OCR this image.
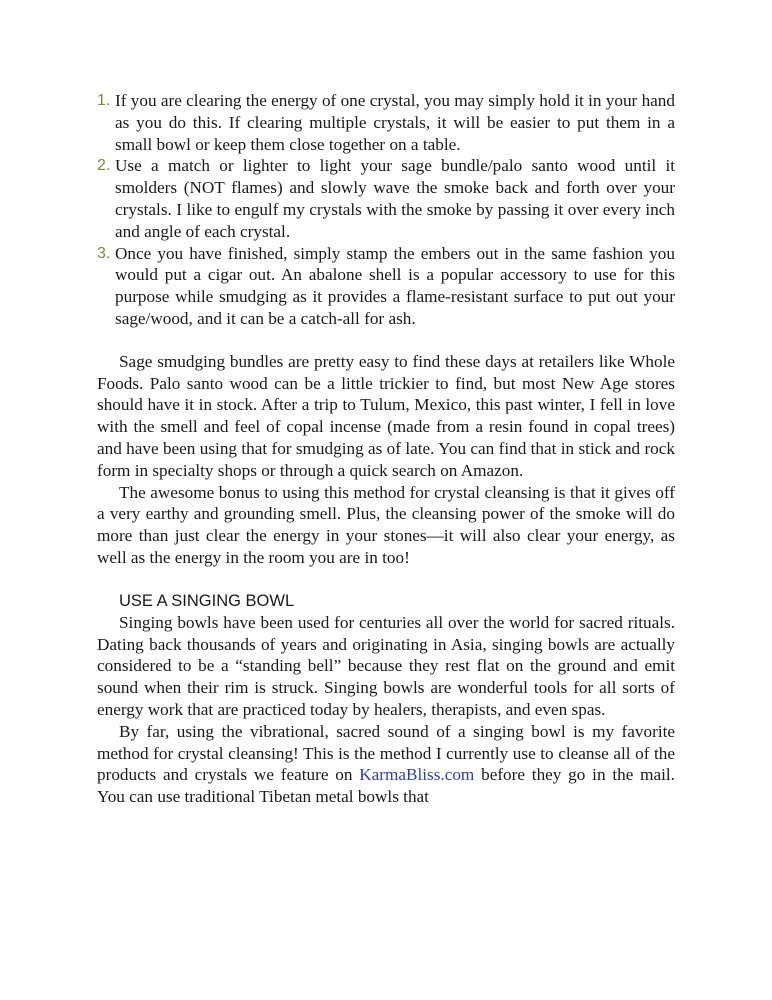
1. If you are clearing the energy of one crystal, you may simply hold it in your hand as you do this. If clearing multiple crystals, it will be easier to put them in a small bowl or keep them close together on a table.
2. Use a match or lighter to light your sage bundle/palo santo wood until it smolders (NOT flames) and slowly wave the smoke back and forth over your crystals. I like to engulf my crystals with the smoke by passing it over every inch and angle of each crystal.
3. Once you have finished, simply stamp the embers out in the same fashion you would put a cigar out. An abalone shell is a popular accessory to use for this purpose while smudging as it provides a flame-resistant surface to put out your sage/wood, and it can be a catch-all for ash.

Sage smudging bundles are pretty easy to find these days at retailers like Whole Foods. Palo santo wood can be a little trickier to find, but most New Age stores should have it in stock. After a trip to Tulum, Mexico, this past winter, I fell in love with the smell and feel of copal incense (made from a resin found in copal trees) and have been using that for smudging as of late. You can find that in stick and rock form in specialty shops or through a quick search on Amazon.

The awesome bonus to using this method for crystal cleansing is that it gives off a very earthy and grounding smell. Plus, the cleansing power of the smoke will do more than just clear the energy in your stones—it will also clear your energy, as well as the energy in the room you are in too!

USE A SINGING BOWL

Singing bowls have been used for centuries all over the world for sacred rituals. Dating back thousands of years and originating in Asia, singing bowls are actually considered to be a “standing bell” because they rest flat on the ground and emit sound when their rim is struck. Singing bowls are wonderful tools for all sorts of energy work that are practiced today by healers, therapists, and even spas.

By far, using the vibrational, sacred sound of a singing bowl is my favorite method for crystal cleansing! This is the method I currently use to cleanse all of the products and crystals we feature on KarmaBliss.com before they go in the mail. You can use traditional Tibetan metal bowls that
